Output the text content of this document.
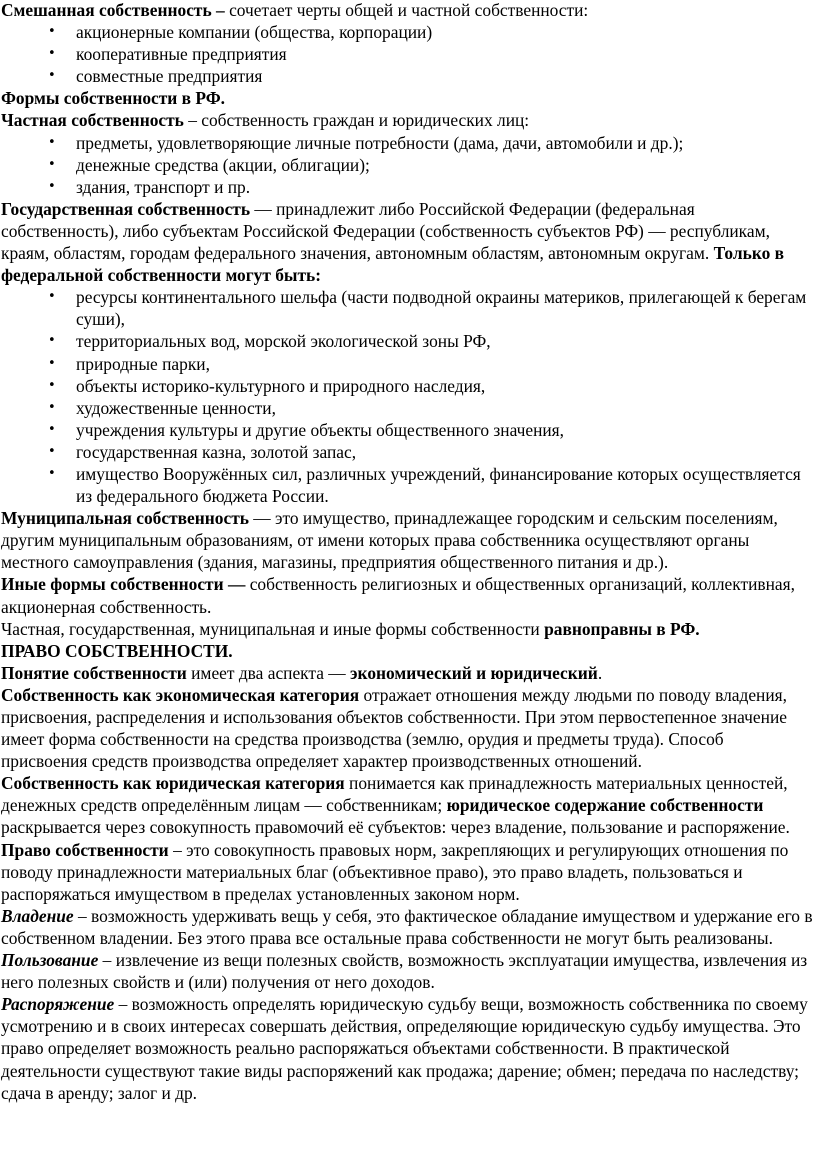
Смешанная собственность – сочетает черты общей и частной собственности:

• акционерные компании (общества, корпорации)
• кооперативные предприятия
• совместные предприятия

Формы собственности в РФ.

Частная собственность – собственность граждан и юридических лиц:

• предметы, удовлетворяющие личные потребности (дама, дачи, автомобили и др.);
• денежные средства (акции, облигации);
• здания, транспорт и пр.

Государственная собственность — принадлежит либо Российской Федерации (федеральная собственность), либо субъектам Российской Федерации (собственность субъектов РФ) — республикам, краям, областям, городам федерального значения, автономным областям, автономным округам. Только в федеральной собственности могут быть:

• ресурсы континентального шельфа (части подводной окраины материков, прилегающей к берегам суши),
• территориальных вод, морской экологической зоны РФ,
• природные парки,
• объекты историко-культурного и природного наследия,
• художественные ценности,
• учреждения культуры и другие объекты общественного значения,
• государственная казна, золотой запас,
• имущество Вооружённых сил, различных учреждений, финансирование которых осуществляется из федерального бюджета России.

Муниципальная собственность — это имущество, принадлежащее городским и сельским поселениям, другим муниципальным образованиям, от имени которых права собственника осуществляют органы местного самоуправления (здания, магазины, предприятия общественного питания и др.).

Иные формы собственности — собственность религиозных и общественных организаций, коллективная, акционерная собственность.

Частная, государственная, муниципальная и иные формы собственности равноправны в РФ.

ПРАВО СОБСТВЕННОСТИ.

Понятие собственности имеет два аспекта — экономический и юридический.

Собственность как экономическая категория отражает отношения между людьми по поводу владения, присвоения, распределения и использования объектов собственности. При этом первостепенное значение имеет форма собственности на средства производства (землю, орудия и предметы труда). Способ присвоения средств производства определяет характер производственных отношений.

Собственность как юридическая категория понимается как принадлежность материальных ценностей, денежных средств определённым лицам — собственникам; юридическое содержание собственности раскрывается через совокупность правомочий её субъектов: через владение, пользование и распоряжение.

Право собственности – это совокупность правовых норм, закрепляющих и регулирующих отношения по поводу принадлежности материальных благ (объективное право), это право владеть, пользоваться и распоряжаться имуществом в пределах установленных законом норм.

Владение – возможность удерживать вещь у себя, это фактическое обладание имуществом и удержание его в собственном владении. Без этого права все остальные права собственности не могут быть реализованы.

Пользование – извлечение из вещи полезных свойств, возможность эксплуатации имущества, извлечения из него полезных свойств и (или) получения от него доходов.

Распоряжение – возможность определять юридическую судьбу вещи, возможность собственника по своему усмотрению и в своих интересах совершать действия, определяющие юридическую судьбу имущества. Это право определяет возможность реально распоряжаться объектами собственности. В практической деятельности существуют такие виды распоряжений как продажа; дарение; обмен; передача по наследству; сдача в аренду; залог и др.
